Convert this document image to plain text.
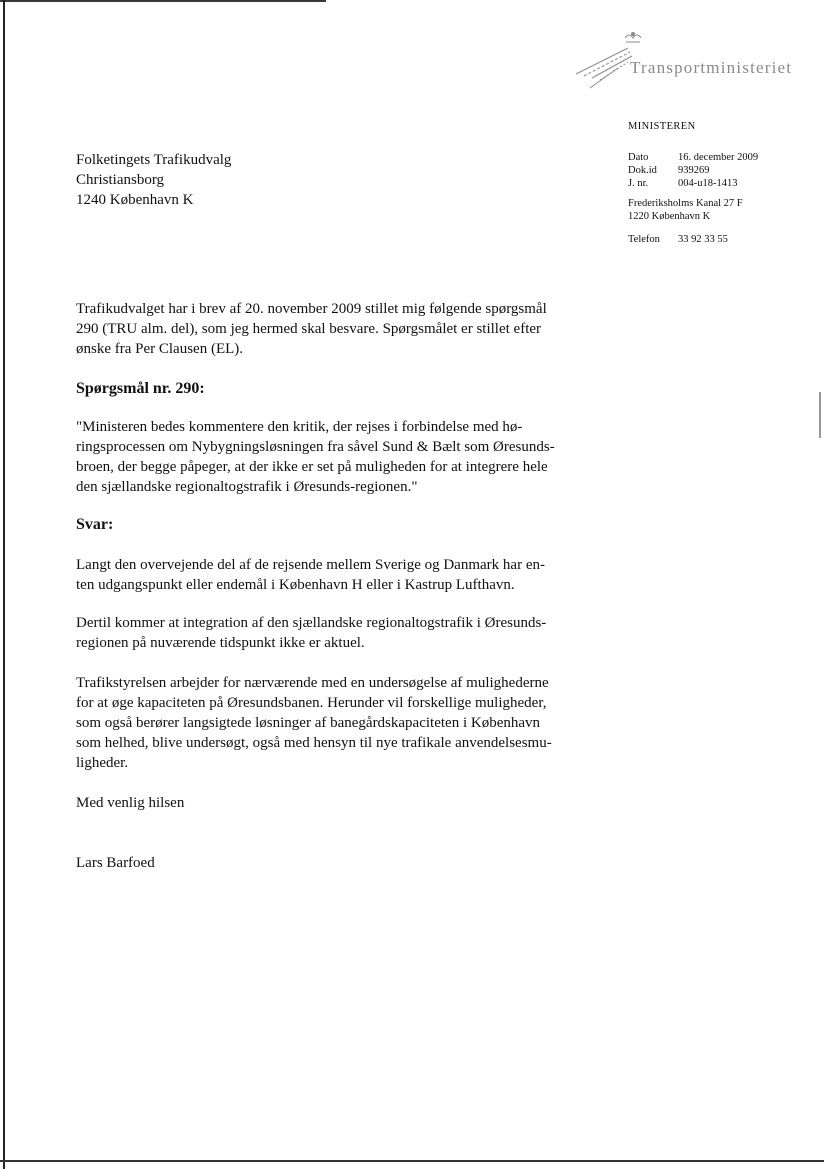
Transportministeriet
MINISTEREN
Dato	16. december 2009
Dok.id	939269
J. nr.	004-u18-1413
Frederiksholms Kanal 27 F
1220 København K
Telefon	33 92 33 55
Folketingets Trafikudvalg
Christiansborg
1240 København K

Trafikudvalget har i brev af 20. november 2009 stillet mig følgende spørgsmål
290 (TRU alm. del), som jeg hermed skal besvare. Spørgsmålet er stillet efter
ønske fra Per Clausen (EL).

Spørgsmål nr. 290:

"Ministeren bedes kommentere den kritik, der rejses i forbindelse med hø-
ringsprocessen om Nybygningsløsningen fra såvel Sund & Bælt som Øresunds-
broen, der begge påpeger, at der ikke er set på muligheden for at integrere hele
den sjællandske regionaltogstrafik i Øresunds-regionen."

Svar:

Langt den overvejende del af de rejsende mellem Sverige og Danmark har en-
ten udgangspunkt eller endemål i København H eller i Kastrup Lufthavn.

Dertil kommer at integration af den sjællandske regionaltogstrafik i Øresunds-
regionen på nuværende tidspunkt ikke er aktuel.

Trafikstyrelsen arbejder for nærværende med en undersøgelse af mulighederne
for at øge kapaciteten på Øresundsbanen. Herunder vil forskellige muligheder,
som også berører langsigtede løsninger af banegårdskapaciteten i København
som helhed, blive undersøgt, også med hensyn til nye trafikale anvendelsesmu-
ligheder.

Med venlig hilsen

Lars Barfoed
